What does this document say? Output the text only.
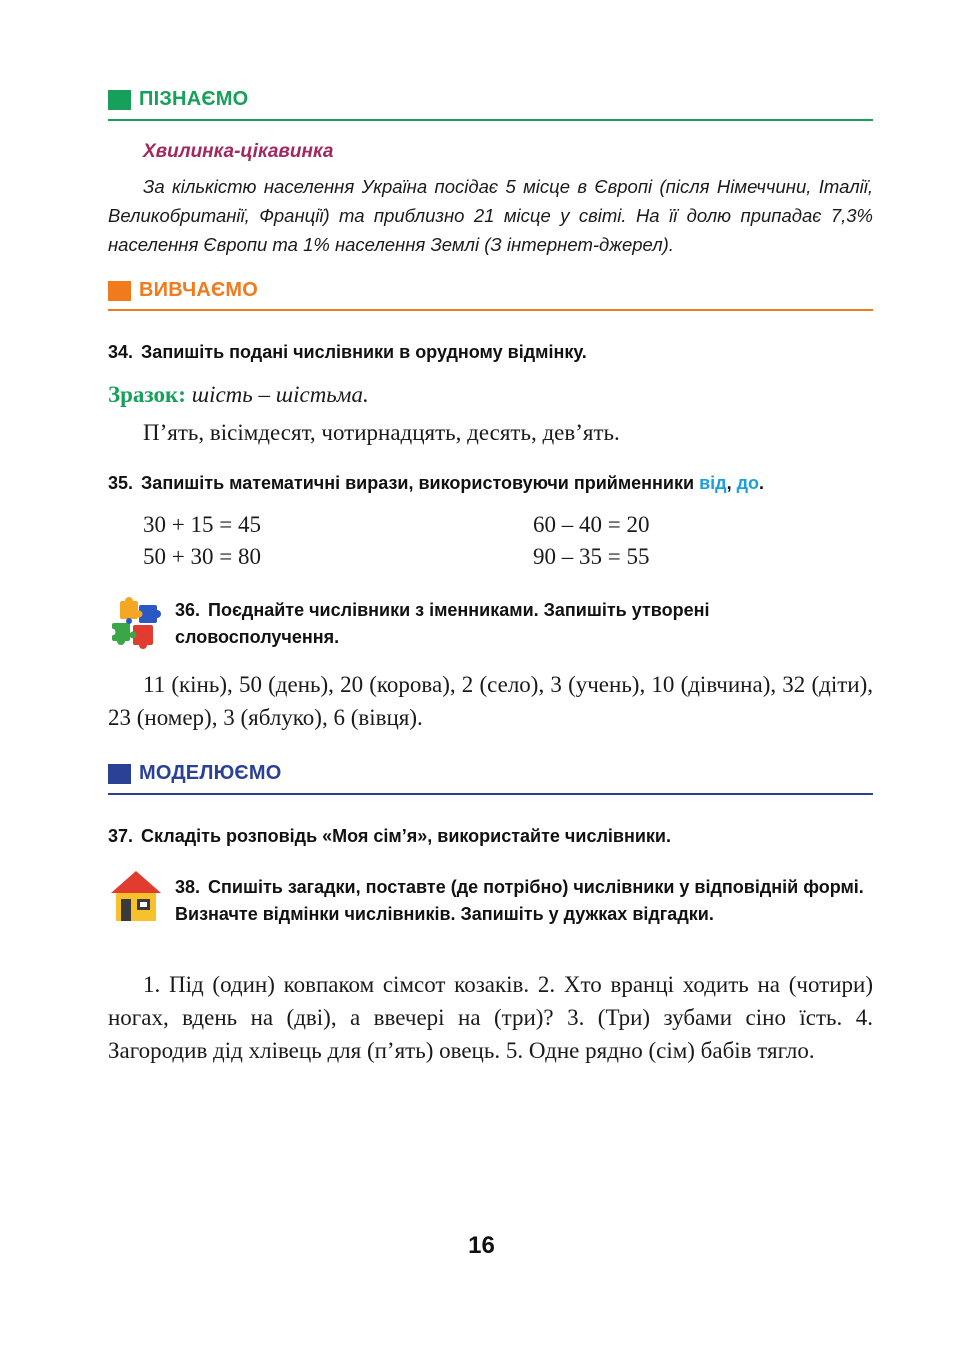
ПІЗНАЄМО
Хвилинка-цікавинка
За кількістю населення Україна посідає 5 місце в Європі (після Німеччини, Італії, Великобританії, Франції) та приблизно 21 місце у світі. На її долю припадає 7,3% населення Європи та 1% населення Землі (З інтернет-джерел).
ВИВЧАЄМО
34. Запишіть подані числівники в орудному відмінку.
Зразок: шість – шістьма.
П’ять, вісімдесят, чотирнадцять, десять, дев’ять.
35. Запишіть математичні вирази, використовуючи прийменники від, до.
30 + 15 = 45	60 – 40 = 20
50 + 30 = 80	90 – 35 = 55
36. Поєднайте числівники з іменниками. Запишіть утворені словосполучення.
11 (кінь), 50 (день), 20 (корова), 2 (село), 3 (учень), 10 (дівчина), 32 (діти), 23 (номер), 3 (яблуко), 6 (вівця).
МОДЕЛЮЄМО
37. Складіть розповідь «Моя сім’я», використайте числівники.
38. Спишіть загадки, поставте (де потрібно) числівники у відповідній формі. Визначте відмінки числівників. Запишіть у дужках відгадки.
1. Під (один) ковпаком сімсот козаків. 2. Хто вранці ходить на (чотири) ногах, вдень на (дві), а ввечері на (три)? 3. (Три) зубами сіно їсть. 4. Загородив дід хлівець для (п’ять) овець. 5. Одне рядно (сім) бабів тягло.
16
